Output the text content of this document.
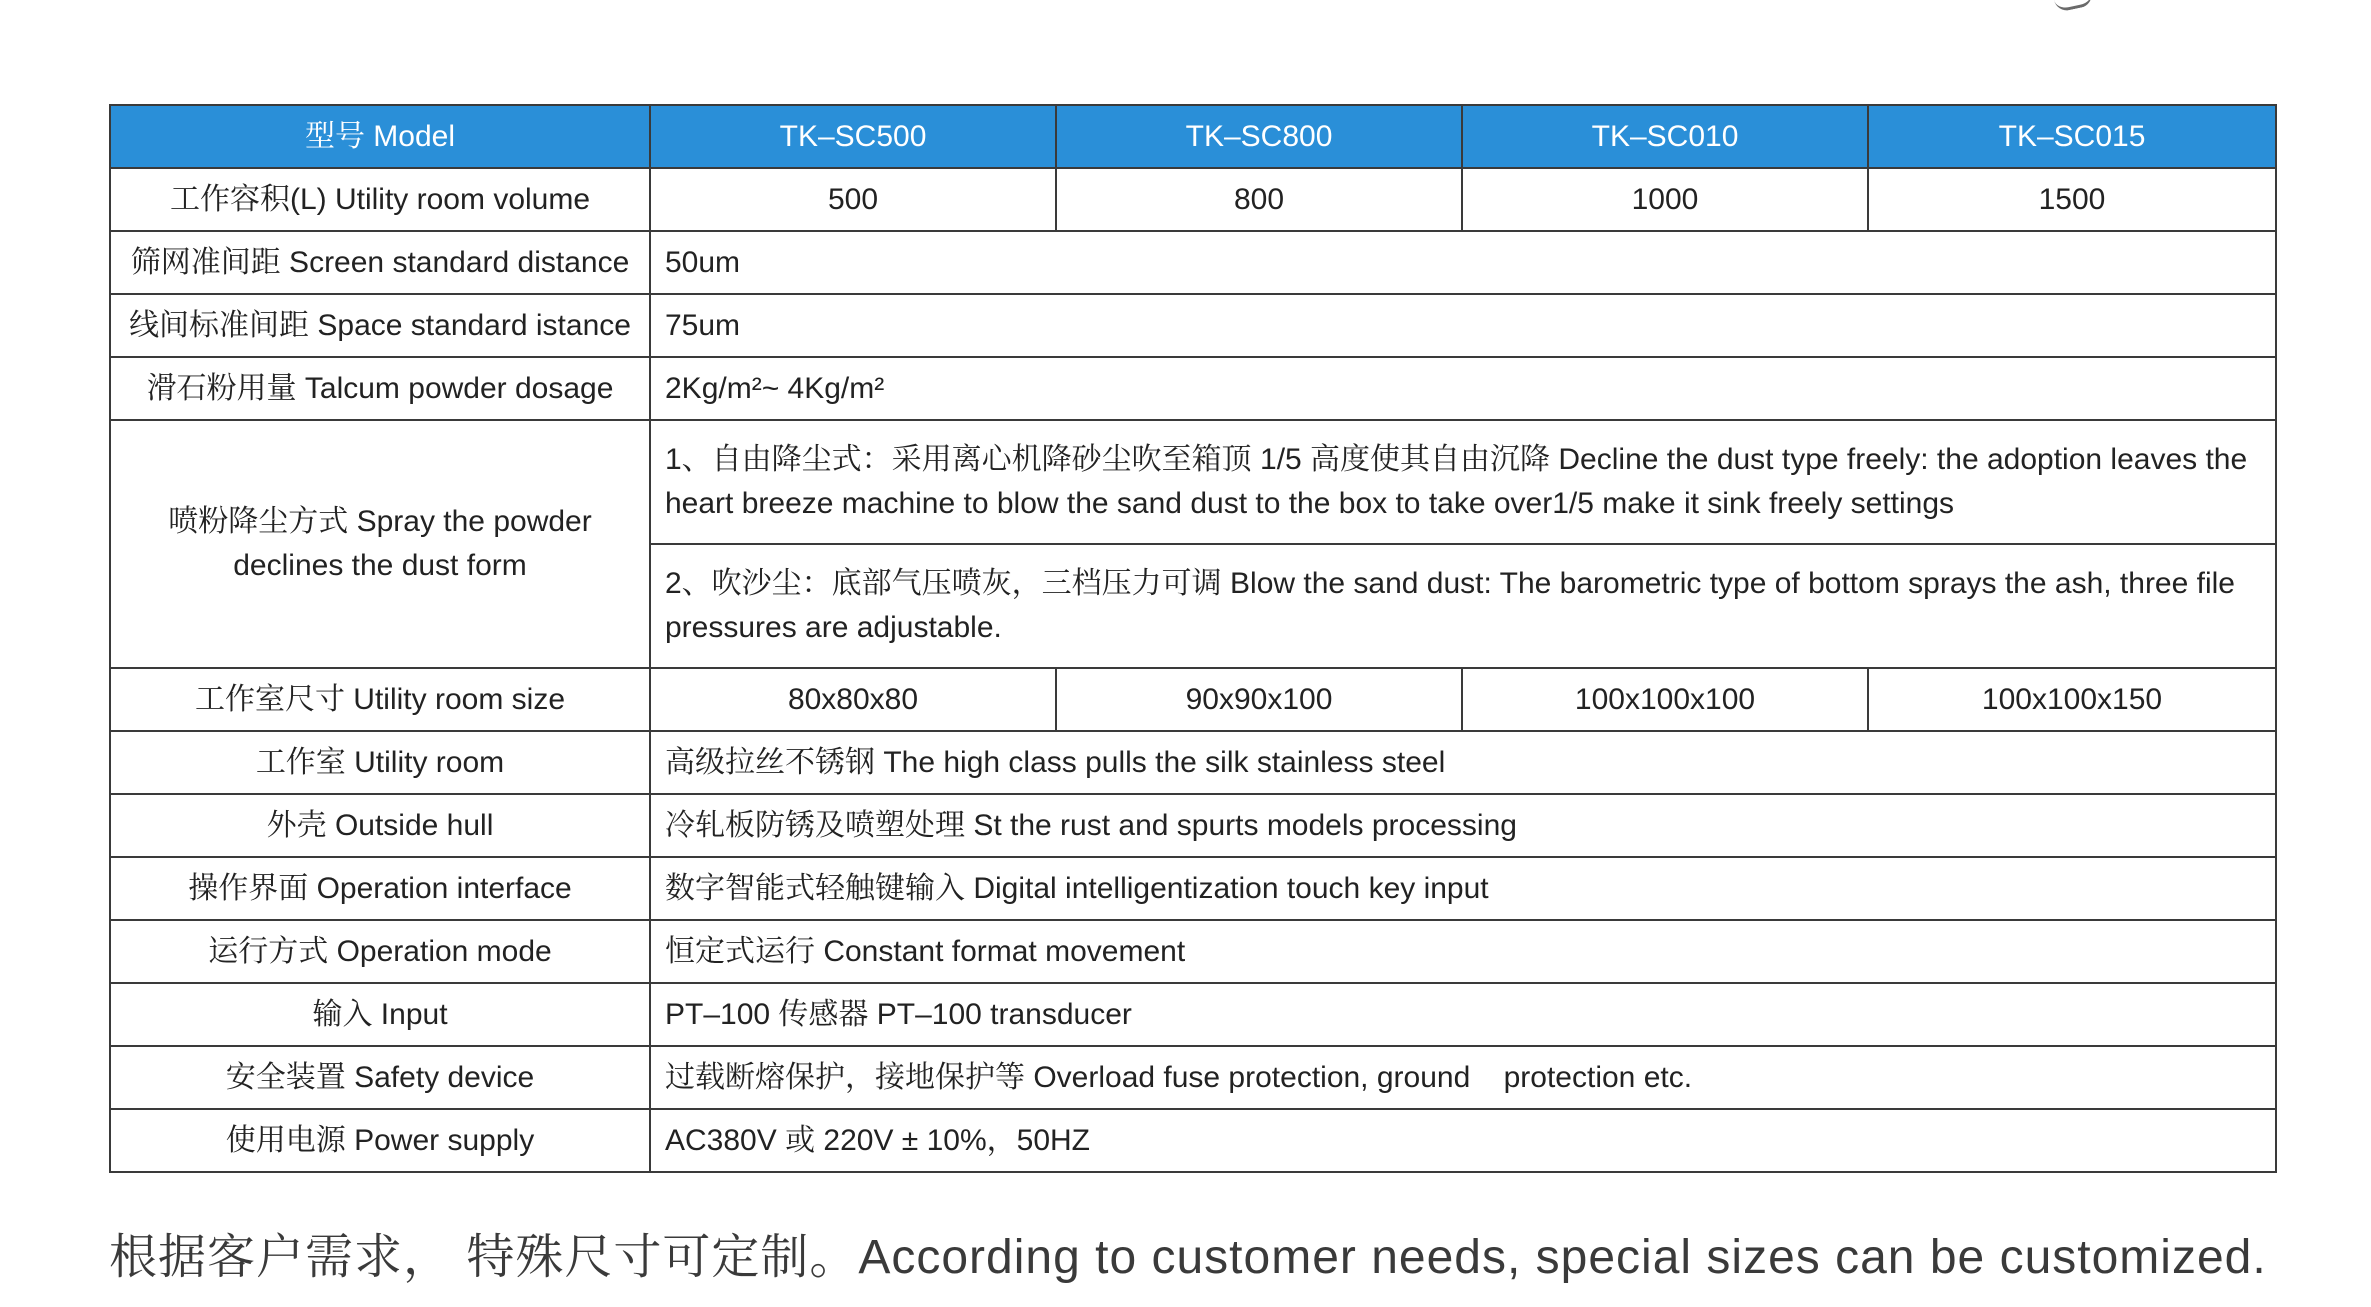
型号 Model	TK–SC500	TK–SC800	TK–SC010	TK–SC015
工作容积(L) Utility room volume	500	800	1000	1500
筛网准间距 Screen standard distance	50um			
线间标准间距 Space standard istance	75um			
滑石粉用量 Talcum powder dosage	2Kg/m²~ 4Kg/m²			

喷粉降尘方式 Spray the powder
declines the dust form	1、自由降尘式：采用离心机降砂尘吹至箱顶 1/5 高度使其自由沉降 Decline the dust type freely: the adoption leaves the heart breeze machine to blow the sand dust to the box to take over1/5 make it sink freely settings			
	2、吹沙尘：底部气压喷灰，三档压力可调 Blow the sand dust: The barometric type of bottom sprays the ash, three file pressures are adjustable.			
工作室尺寸 Utility room size	80x80x80	90x90x100	100x100x100	100x100x150
工作室 Utility room	高级拉丝不锈钢 The high class pulls the silk stainless steel			
外壳 Outside hull	冷轧板防锈及喷塑处理 St the rust and spurts models processing			
操作界面 Operation interface	数字智能式轻触键输入 Digital intelligentization touch key input			
运行方式 Operation mode	恒定式运行 Constant format movement			
输入 Input	PT–100 传感器 PT–100 transducer			
安全装置 Safety device	过载断熔保护，接地保护等 Overload fuse protection, ground    protection etc.			
使用电源 Power supply	AC380V 或 220V ± 10%，50HZ			
根据客户需求， 特殊尺寸可定制。According to customer needs, special sizes can be customized.
